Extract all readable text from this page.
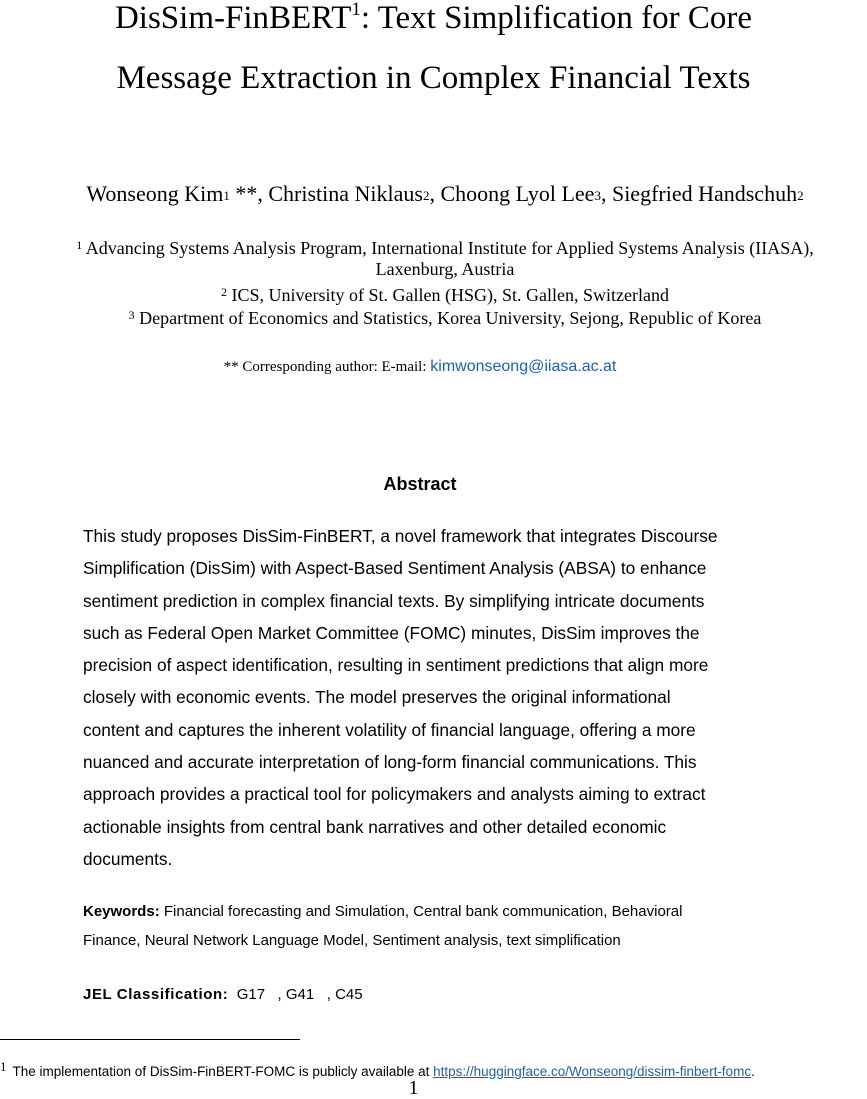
DisSim-FinBERT$^1$: Text Simplification for Core
Message Extraction in Complex Financial Texts
Wonseong Kim1 **, Christina Niklaus2, Choong Lyol Lee3, Siegfried Handschuh2
$^1$ Advancing Systems Analysis Program, International Institute for Applied Systems Analysis (IIASA),
Laxenburg, Austria
$^2$ ICS, University of St. Gallen (HSG), St. Gallen, Switzerland
$^3$ Department of Economics and Statistics, Korea University, Sejong, Republic of Korea
** Corresponding author: E-mail: kimwonseong@iiasa.ac.at
Abstract
This study proposes DisSim-FinBERT, a novel framework that integrates Discourse
Simplification (DisSim) with Aspect-Based Sentiment Analysis (ABSA) to enhance
sentiment prediction in complex financial texts. By simplifying intricate documents
such as Federal Open Market Committee (FOMC) minutes, DisSim improves the
precision of aspect identification, resulting in sentiment predictions that align more
closely with economic events. The model preserves the original informational
content and captures the inherent volatility of financial language, offering a more
nuanced and accurate interpretation of long-form financial communications. This
approach provides a practical tool for policymakers and analysts aiming to extract
actionable insights from central bank narratives and other detailed economic
documents.
Keywords: Financial forecasting and Simulation, Central bank communication, Behavioral
Finance, Neural Network Language Model, Sentiment analysis, text simplification
JEL Classification: G17   , G41   , C45
1 The implementation of DisSim-FinBERT-FOMC is publicly available at https://huggingface.co/Wonseong/dissim-finbert-fomc.
1
